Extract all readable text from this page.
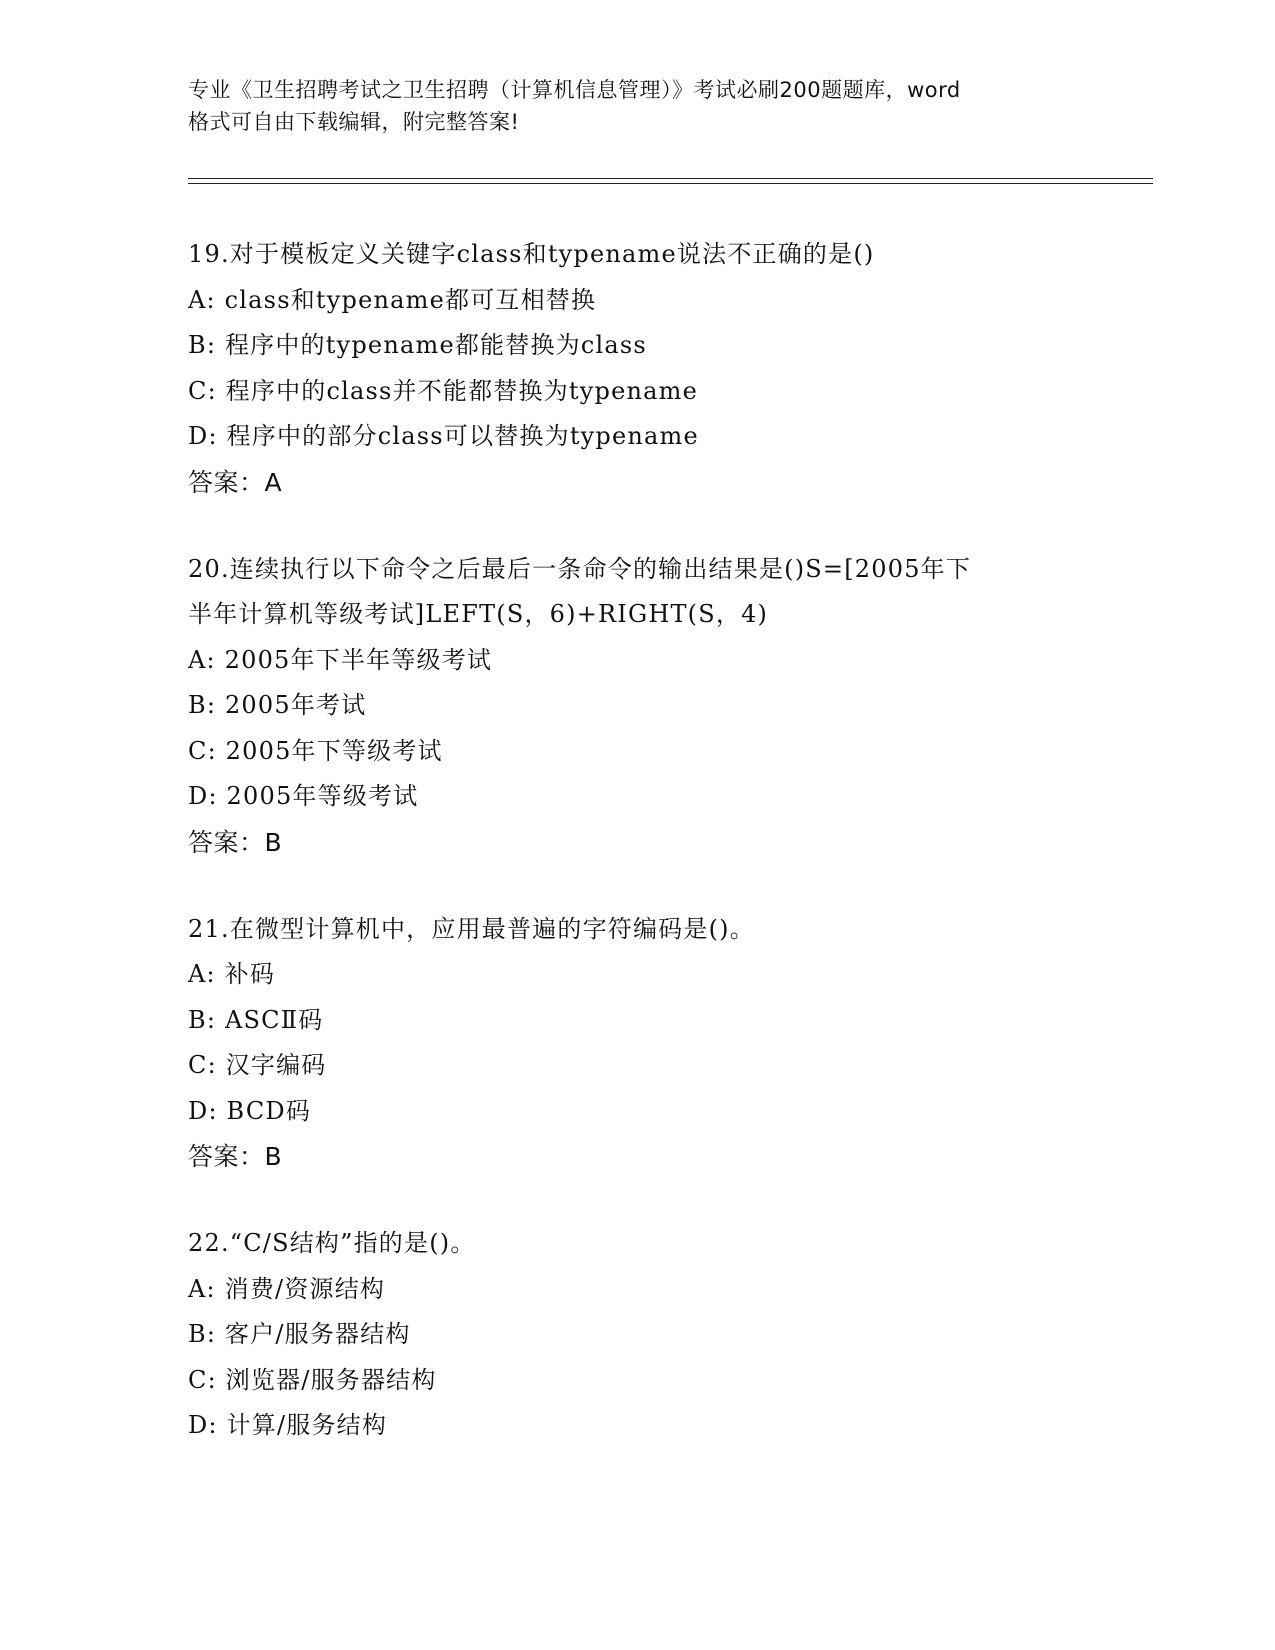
专业《卫生招聘考试之卫生招聘（计算机信息管理）》考试必刷200题题库，word
格式可自由下载编辑，附完整答案!
19.对于模板定义关键字class和typename说法不正确的是()
A: class和typename都可互相替换
B: 程序中的typename都能替换为class
C: 程序中的class并不能都替换为typename
D: 程序中的部分class可以替换为typename
答案：A
20.连续执行以下命令之后最后一条命令的输出结果是()S=[2005年下
半年计算机等级考试]LEFT(S，6)+RIGHT(S，4)
A: 2005年下半年等级考试
B: 2005年考试
C: 2005年下等级考试
D: 2005年等级考试
答案：B
21.在微型计算机中，应用最普遍的字符编码是()。
A: 补码
B: ASCⅡ码
C: 汉字编码
D: BCD码
答案：B
22.“C/S结构”指的是()。
A: 消费/资源结构
B: 客户/服务器结构
C: 浏览器/服务器结构
D: 计算/服务结构
